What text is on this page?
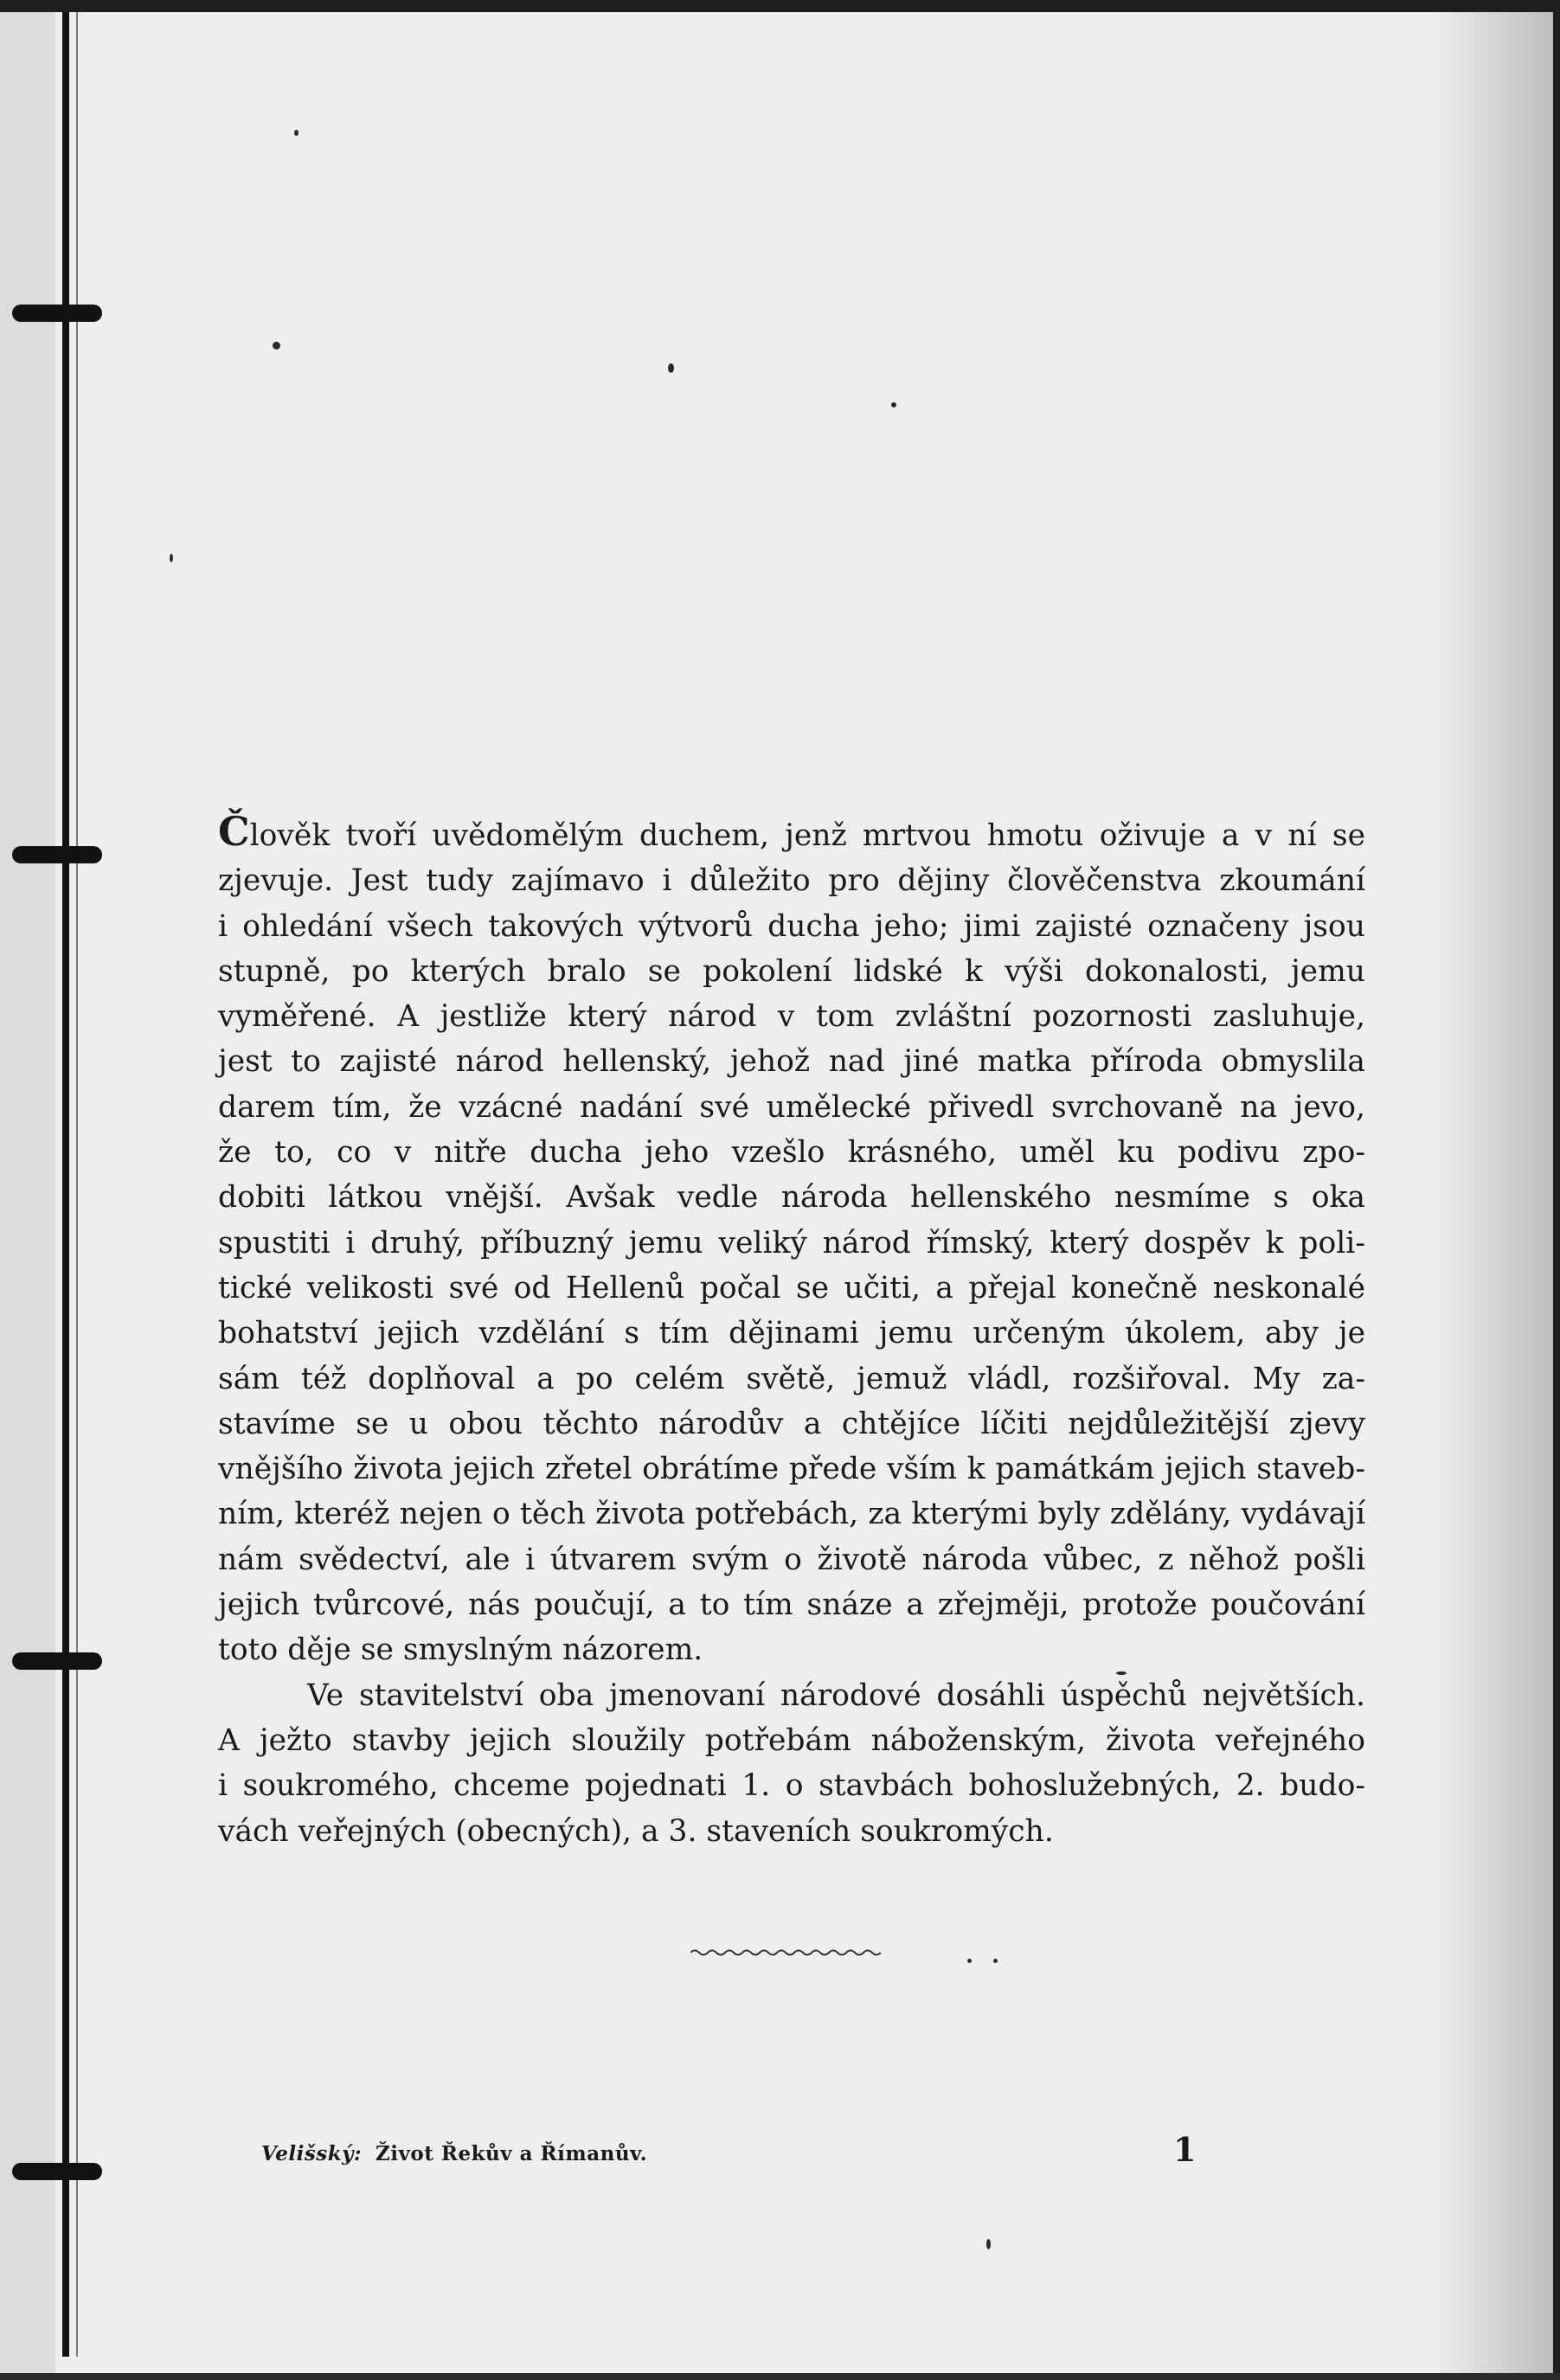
Člověk tvoří uvědomělým duchem, jenž mrtvou hmotu oživuje a v ní se
zjevuje. Jest tudy zajímavo i důležito pro dějiny člověčenstva zkoumání
i ohledání všech takových výtvorů ducha jeho; jimi zajisté označeny jsou
stupně, po kterých bralo se pokolení lidské k výši dokonalosti, jemu
vyměřené. A jestliže který národ v tom zvláštní pozornosti zasluhuje,
jest to zajisté národ hellenský, jehož nad jiné matka příroda obmyslila
darem tím, že vzácné nadání své umělecké přivedl svrchovaně na jevo,
že to, co v nitře ducha jeho vzešlo krásného, uměl ku podivu zpo-
dobiti látkou vnější. Avšak vedle národa hellenského nesmíme s oka
spustiti i druhý, příbuzný jemu veliký národ římský, který dospěv k poli-
tické velikosti své od Hellenů počal se učiti, a přejal konečně neskonalé
bohatství jejich vzdělání s tím dějinami jemu určeným úkolem, aby je
sám též doplňoval a po celém světě, jemuž vládl, rozšiřoval. My za-
stavíme se u obou těchto národův a chtějíce líčiti nejdůležitější zjevy
vnějšího života jejich zřetel obrátíme přede vším k památkám jejich staveb-
ním, kteréž nejen o těch života potřebách, za kterými byly zdělány, vydávají
nám svědectví, ale i útvarem svým o životě národa vůbec, z něhož pošli
jejich tvůrcové, nás poučují, a to tím snáze a zřejměji, protože poučování
toto děje se smyslným názorem.
Ve stavitelství oba jmenovaní národové dosáhli úspěchů největších.
A ježto stavby jejich sloužily potřebám náboženským, života veřejného
i soukromého, chceme pojednati 1. o stavbách bohoslužebných, 2. budo-
vách veřejných (obecných), a 3. staveních soukromých.
Velišský: Život Řekův a Římanův.	1
